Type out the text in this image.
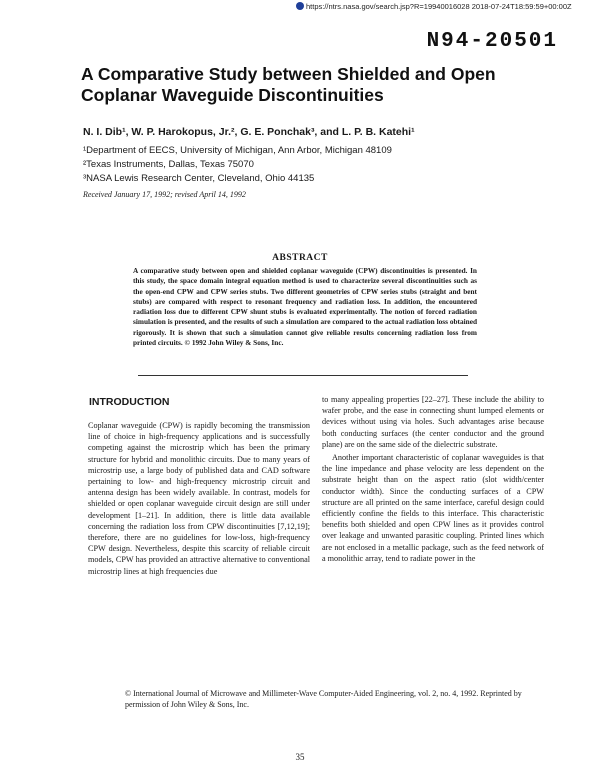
https://ntrs.nasa.gov/search.jsp?R=19940016028 2018-07-24T18:59:59+00:00Z
N94-20501
A Comparative Study between Shielded and Open Coplanar Waveguide Discontinuities
N. I. Dib¹, W. P. Harokopus, Jr.², G. E. Ponchak³, and L. P. B. Katehi¹
¹Department of EECS, University of Michigan, Ann Arbor, Michigan 48109
²Texas Instruments, Dallas, Texas 75070
³NASA Lewis Research Center, Cleveland, Ohio 44135
Received January 17, 1992; revised April 14, 1992
ABSTRACT

A comparative study between open and shielded coplanar waveguide (CPW) discontinuities is presented. In this study, the space domain integral equation method is used to characterize several discontinuities such as the open-end CPW and CPW series stubs. Two different geometries of CPW series stubs (straight and bent stubs) are compared with respect to resonant frequency and radiation loss. In addition, the encountered radiation loss due to different CPW shunt stubs is evaluated experimentally. The notion of forced radiation simulation is presented, and the results of such a simulation are compared to the actual radiation loss obtained rigorously. It is shown that such a simulation cannot give reliable results concerning radiation loss from printed circuits. © 1992 John Wiley & Sons, Inc.

INTRODUCTION

Coplanar waveguide (CPW) is rapidly becoming the transmission line of choice in high-frequency applications and is successfully competing against the microstrip which has been the primary structure for hybrid and monolithic circuits. Due to many years of microstrip use, a large body of published data and CAD software pertaining to low- and high-frequency microstrip circuit and antenna design has been widely available. In contrast, models for shielded or open coplanar waveguide circuit design are still under development [1–21]. In addition, there is little data available concerning the radiation loss from CPW discontinuities [7,12,19]; therefore, there are no guidelines for low-loss, high-frequency CPW design. Nevertheless, despite this scarcity of reliable circuit models, CPW has provided an attractive alternative to conventional microstrip lines at high frequencies due

to many appealing properties [22–27]. These include the ability to wafer probe, and the ease in connecting shunt lumped elements or devices without using via holes. Such advantages arise because both conducting surfaces (the center conductor and the ground plane) are on the same side of the dielectric substrate.

Another important characteristic of coplanar waveguides is that the line impedance and phase velocity are less dependent on the substrate height than on the aspect ratio (slot width/center conductor width). Since the conducting surfaces of a CPW structure are all printed on the same interface, careful design could efficiently confine the fields to this interface. This characteristic benefits both shielded and open CPW lines as it provides control over leakage and unwanted parasitic coupling. Printed lines which are not enclosed in a metallic package, such as the feed network of a monolithic array, tend to radiate power in the

© International Journal of Microwave and Millimeter-Wave Computer-Aided Engineering, vol. 2, no. 4, 1992. Reprinted by permission of John Wiley & Sons, Inc.

35
